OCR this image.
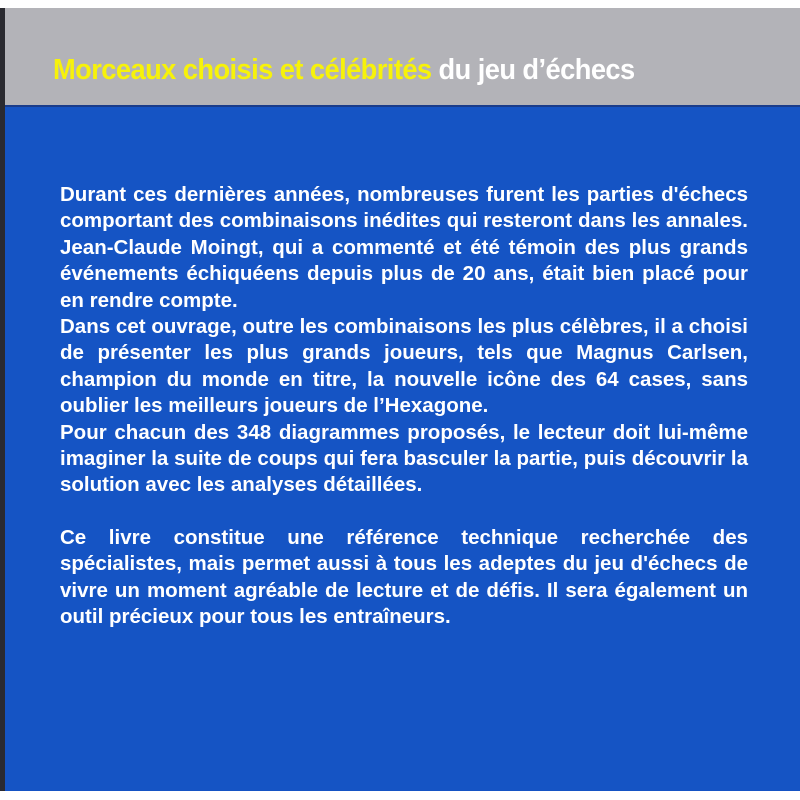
Morceaux choisis et célébrités du jeu d’échecs

Durant ces dernières années, nombreuses furent les parties d'échecs comportant des combinaisons inédites qui resteront dans les annales. Jean-Claude Moingt, qui a commenté et été témoin des plus grands événements échiquéens depuis plus de 20 ans, était bien placé pour en rendre compte.

Dans cet ouvrage, outre les combinaisons les plus célèbres, il a choisi de présenter les plus grands joueurs, tels que Magnus Carlsen, champion du monde en titre, la nouvelle icône des 64 cases, sans oublier les meilleurs joueurs de l’Hexagone.

Pour chacun des 348 diagrammes proposés, le lecteur doit lui-même imaginer la suite de coups qui fera basculer la partie, puis découvrir la solution avec les analyses détaillées.

Ce livre constitue une référence technique recherchée des spécialistes, mais permet aussi à tous les adeptes du jeu d'échecs de vivre un moment agréable de lecture et de défis. Il sera également un outil précieux pour tous les entraîneurs.
